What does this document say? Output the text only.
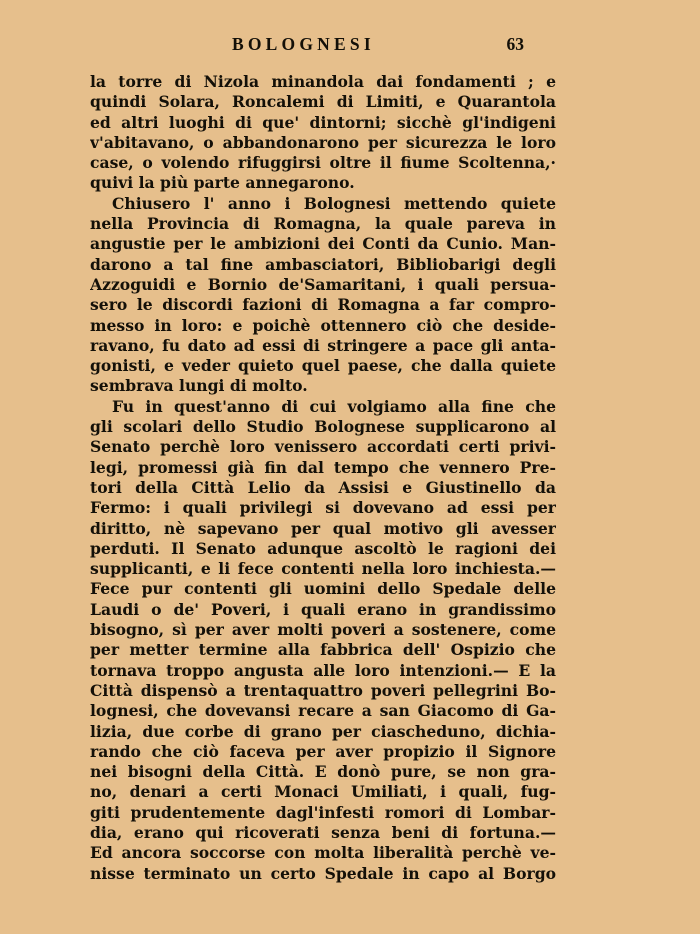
BOLOGNESI	63
la torre di Nizola minandola dai fondamenti ; e
quindi Solara, Roncalemi di Limiti, e Quarantola
ed altri luoghi di que' dintorni; sicchè gl'indigeni
v'abitavano, o abbandonarono per sicurezza le loro
case, o volendo rifuggirsi oltre il fiume Scoltenna,·
quivi la più parte annegarono.
Chiusero l' anno i Bolognesi mettendo quiete
nella Provincia di Romagna, la quale pareva in
angustie per le ambizioni dei Conti da Cunio. Man-
darono a tal fine ambasciatori, Bibliobarigi degli
Azzoguidi e Bornio de'Samaritani, i quali persua-
sero le discordi fazioni di Romagna a far compro-
messo in loro: e poichè ottennero ciò che deside-
ravano, fu dato ad essi di stringere a pace gli anta-
gonisti, e veder quieto quel paese, che dalla quiete
sembrava lungi di molto.
Fu in quest'anno di cui volgiamo alla fine che
gli scolari dello Studio Bolognese supplicarono al
Senato perchè loro venissero accordati certi privi-
legi, promessi già fin dal tempo che vennero Pre-
tori della Città Lelio da Assisi e Giustinello da
Fermo: i quali privilegi si dovevano ad essi per
diritto, nè sapevano per qual motivo gli avesser
perduti. Il Senato adunque ascoltò le ragioni dei
supplicanti, e li fece contenti nella loro inchiesta.—
Fece pur contenti gli uomini dello Spedale delle
Laudi o de' Poveri, i quali erano in grandissimo
bisogno, sì per aver molti poveri a sostenere, come
per metter termine alla fabbrica dell' Ospizio che
tornava troppo angusta alle loro intenzioni.— E la
Città dispensò a trentaquattro poveri pellegrini Bo-
lognesi, che dovevansi recare a san Giacomo di Ga-
lizia, due corbe di grano per ciascheduno, dichia-
rando che ciò faceva per aver propizio il Signore
nei bisogni della Città. E donò pure, se non gra-
no, denari a certi Monaci Umiliati, i quali, fug-
giti prudentemente dagl'infesti romori di Lombar-
dia, erano qui ricoverati senza beni di fortuna.—
Ed ancora soccorse con molta liberalità perchè ve-
nisse terminato un certo Spedale in capo al Borgo
